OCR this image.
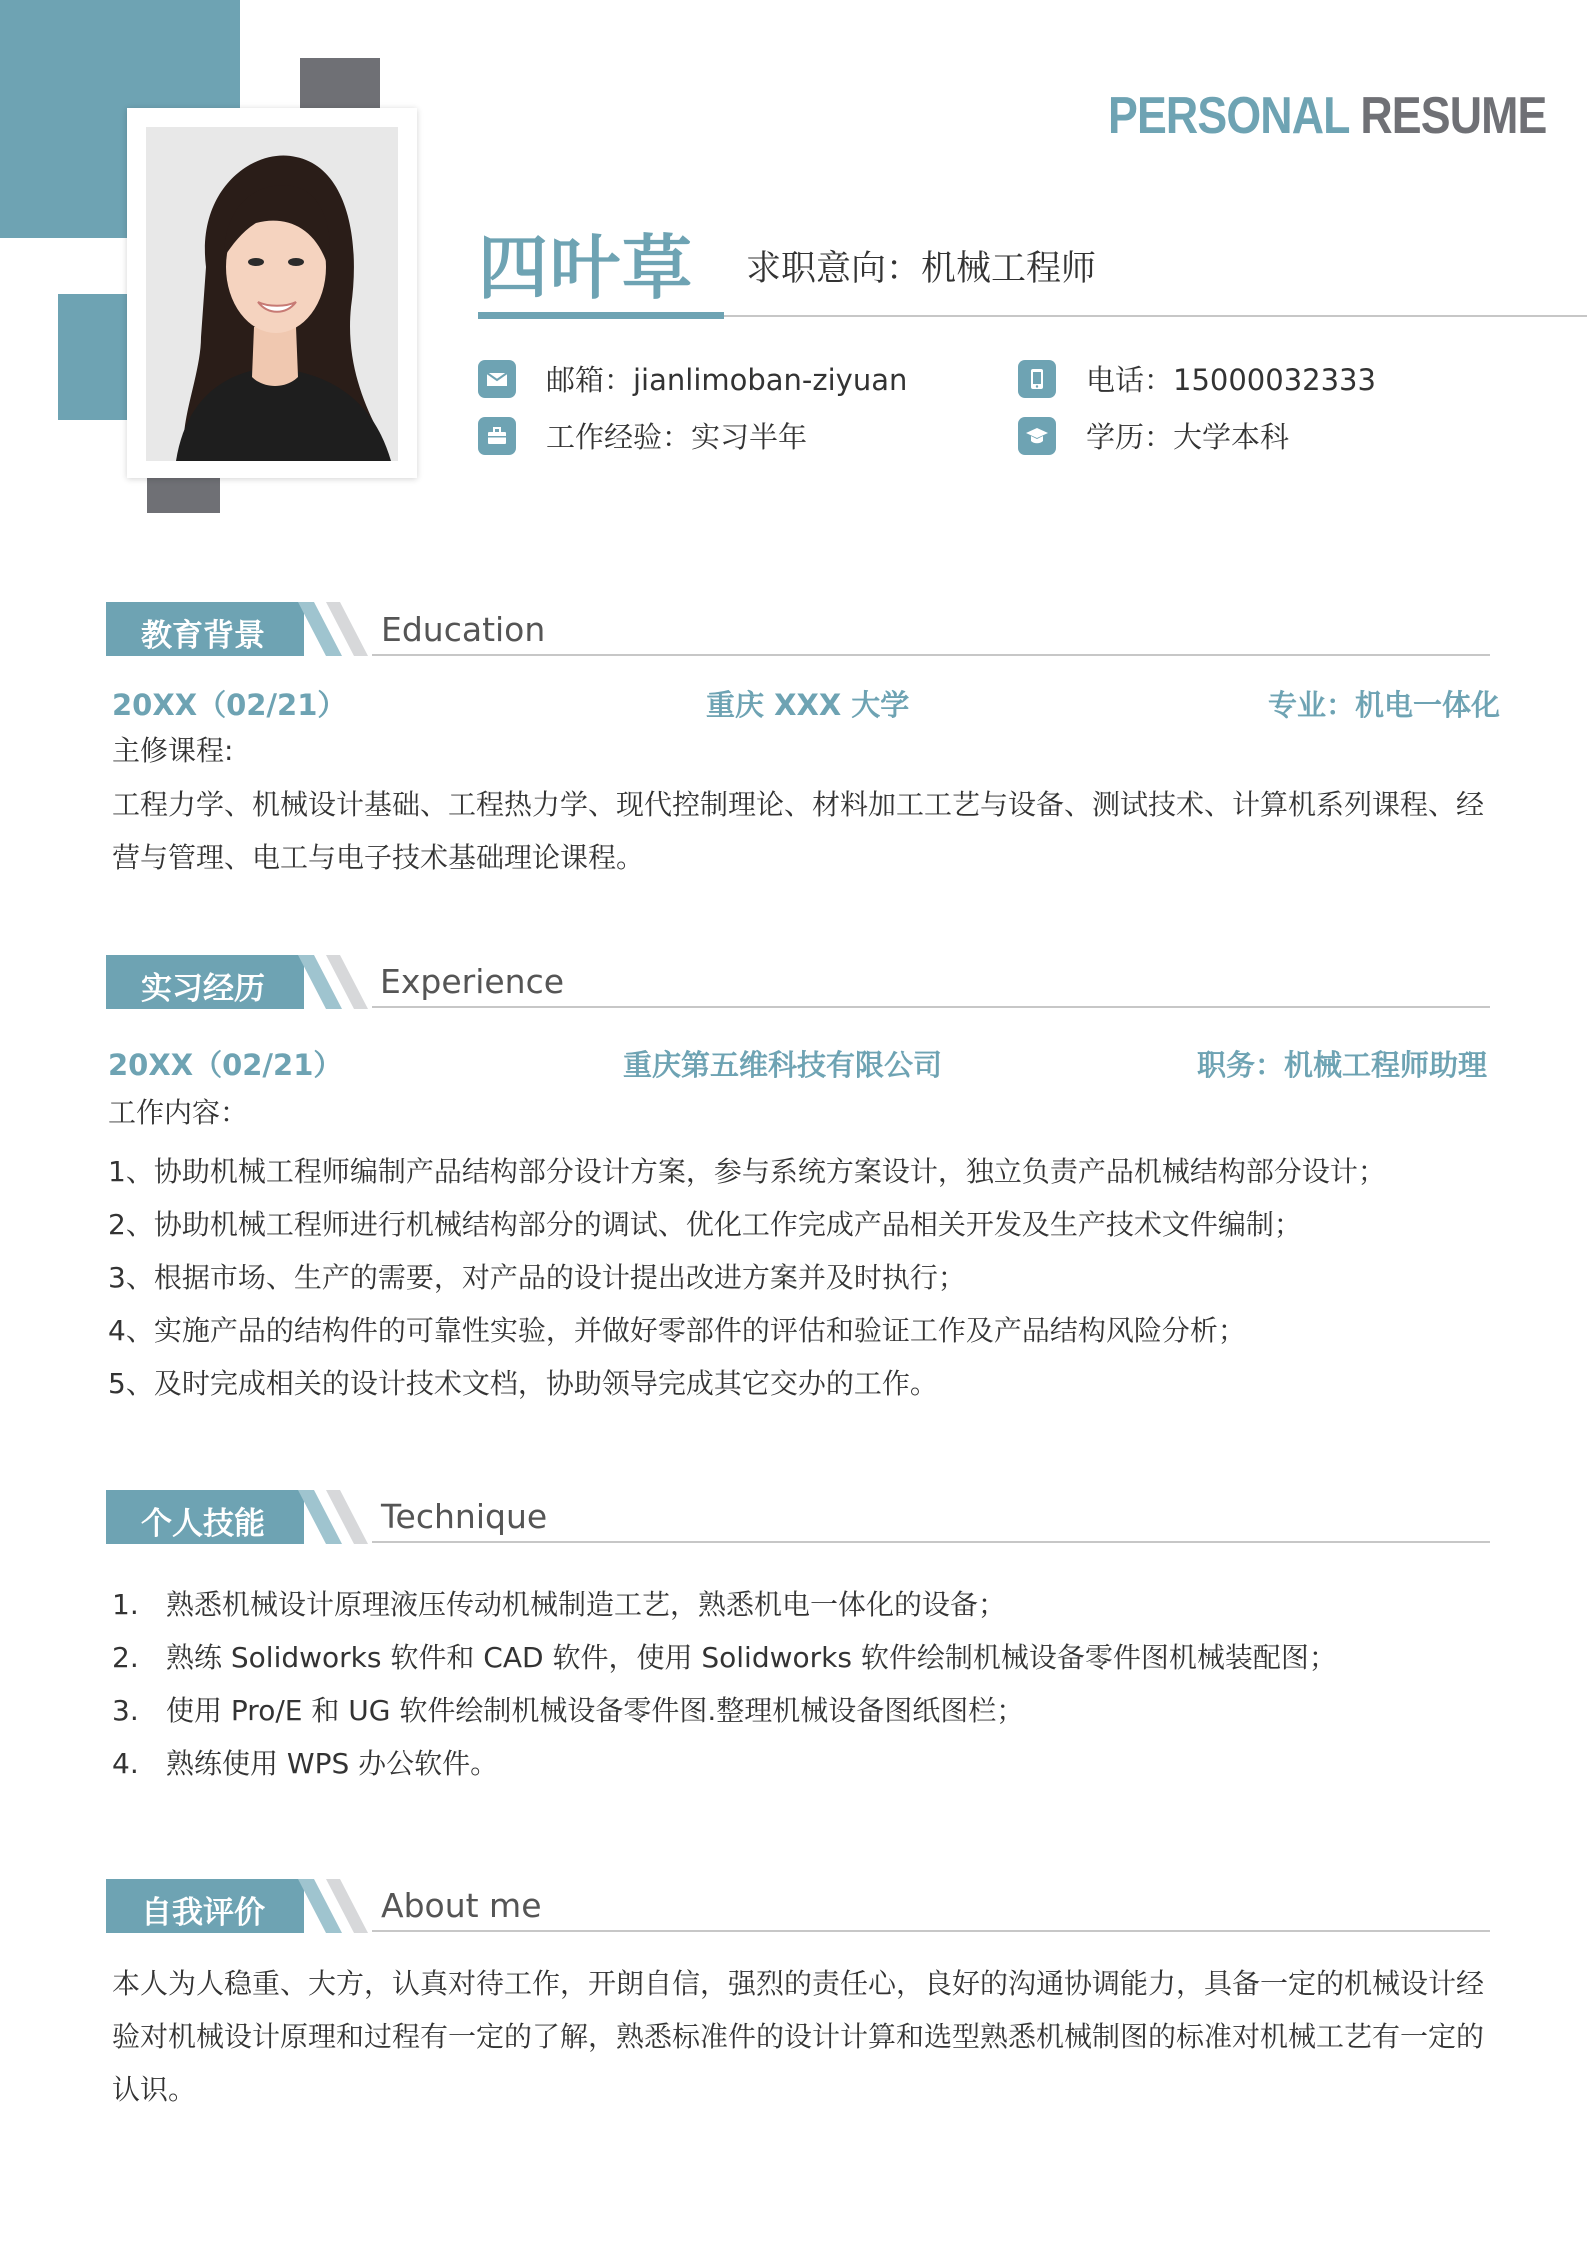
PERSONAL RESUME
四叶草 求职意向：机械工程师
邮箱：jianlimoban-ziyuan	电话：15000032333
工作经验：实习半年	学历：大学本科
教育背景	Education
20XX（02/21）	重庆 XXX 大学	专业：机电一体化
主修课程:
工程力学、机械设计基础、工程热力学、现代控制理论、材料加工工艺与设备、测试技术、计算机系列课程、经
营与管理、电工与电子技术基础理论课程。
实习经历	Experience
20XX（02/21）	重庆第五维科技有限公司	职务：机械工程师助理
工作内容：
1、协助机械工程师编制产品结构部分设计方案，参与系统方案设计，独立负责产品机械结构部分设计；
2、协助机械工程师进行机械结构部分的调试、优化工作完成产品相关开发及生产技术文件编制；
3、根据市场、生产的需要，对产品的设计提出改进方案并及时执行；
4、实施产品的结构件的可靠性实验，并做好零部件的评估和验证工作及产品结构风险分析；
5、及时完成相关的设计技术文档，协助领导完成其它交办的工作。
个人技能	Technique
1. 熟悉机械设计原理液压传动机械制造工艺，熟悉机电一体化的设备；
2. 熟练 Solidworks 软件和 CAD 软件，使用 Solidworks 软件绘制机械设备零件图机械装配图；
3. 使用 Pro/E 和 UG 软件绘制机械设备零件图.整理机械设备图纸图栏；
4. 熟练使用 WPS 办公软件。
自我评价	About me
本人为人稳重、大方，认真对待工作，开朗自信，强烈的责任心，良好的沟通协调能力，具备一定的机械设计经
验对机械设计原理和过程有一定的了解，熟悉标准件的设计计算和选型熟悉机械制图的标准对机械工艺有一定的
认识。
